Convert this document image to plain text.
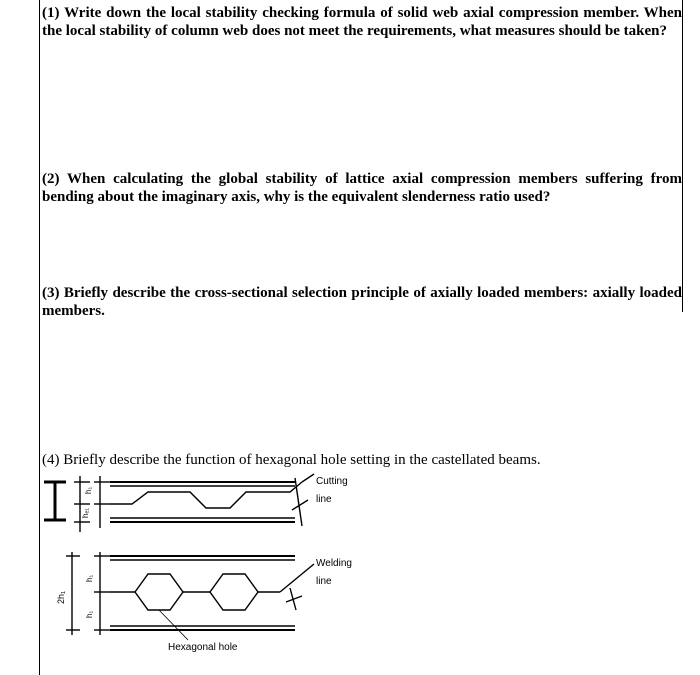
(1) Write down the local stability checking formula of solid web axial compression member. When the local stability of column web does not meet the requirements, what measures should be taken?
(2) When calculating the global stability of lattice axial compression members suffering from bending about the imaginary axis, why is the equivalent slenderness ratio used?
(3) Briefly describe the cross-sectional selection principle of axially loaded members: axially loaded members.
(4) Briefly describe the function of hexagonal hole setting in the castellated beams.
h₁
hₑ₁
Cutting
line
2h₁
h₁
h₁
Welding
line
Hexagonal hole
